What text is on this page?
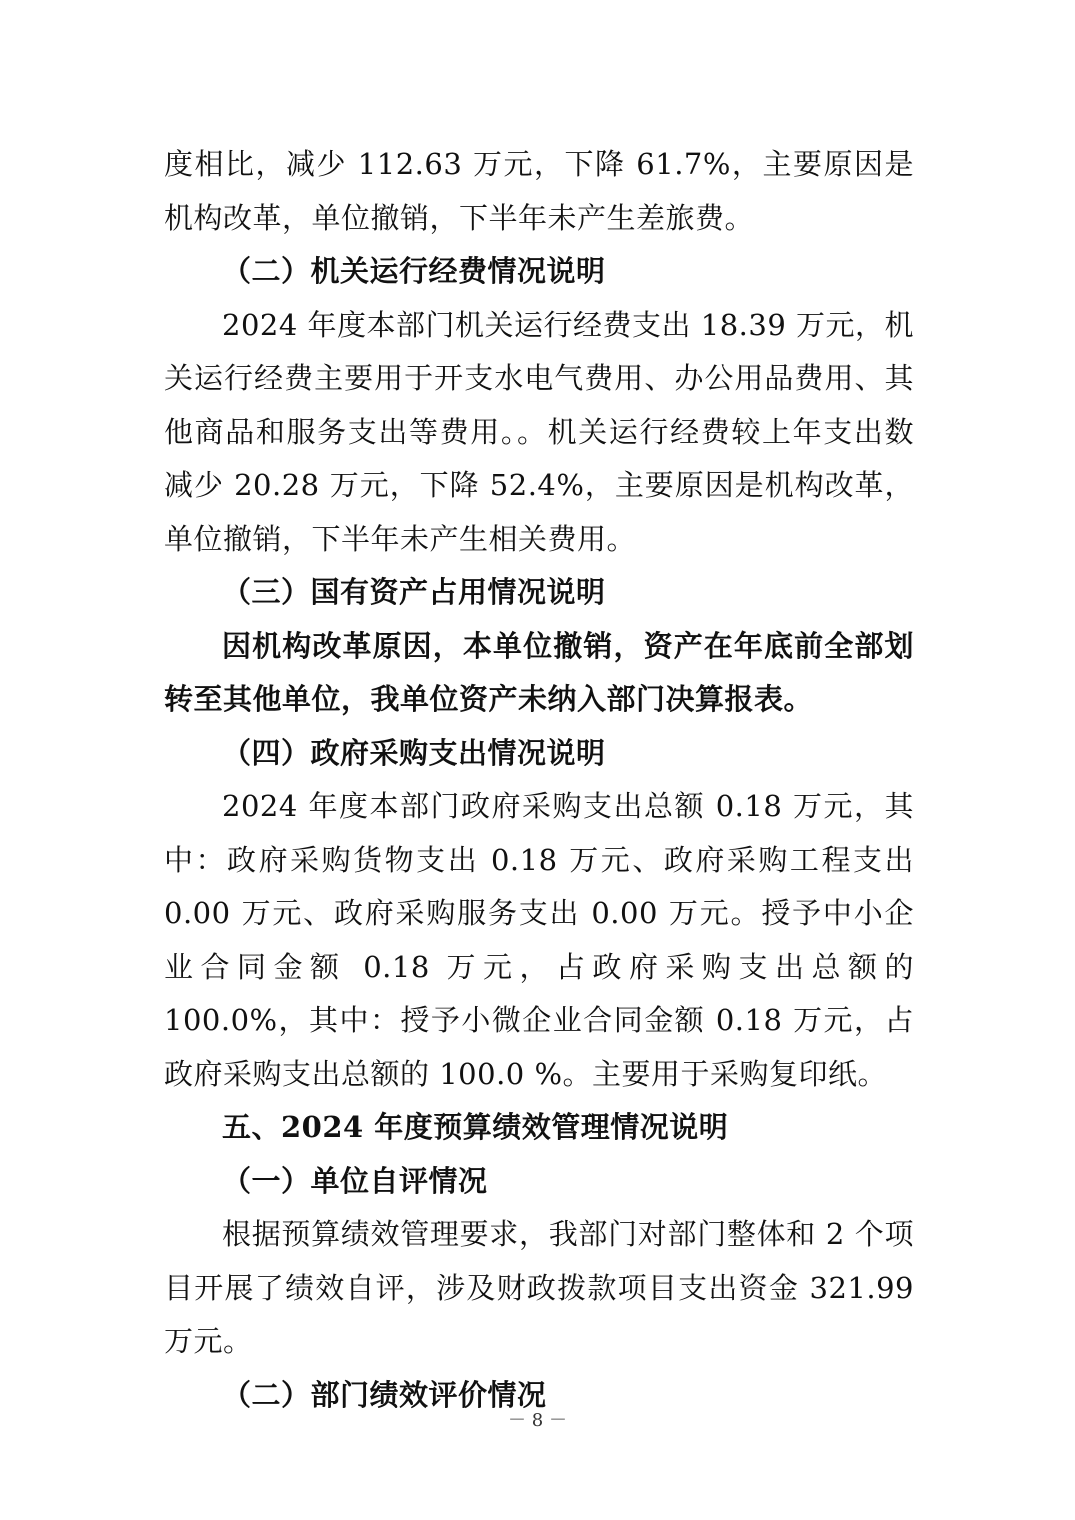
度相比，减少 112.63 万元，下降 61.7%，主要原因是机构改革，单位撤销，下半年未产生差旅费。

（二）机关运行经费情况说明

2024 年度本部门机关运行经费支出 18.39 万元，机关运行经费主要用于开支水电气费用、办公用品费用、其他商品和服务支出等费用。。机关运行经费较上年支出数减少 20.28 万元，下降 52.4%，主要原因是机构改革，单位撤销，下半年未产生相关费用。

（三）国有资产占用情况说明

因机构改革原因，本单位撤销，资产在年底前全部划转至其他单位，我单位资产未纳入部门决算报表。

（四）政府采购支出情况说明

2024 年度本部门政府采购支出总额 0.18 万元，其中：政府采购货物支出 0.18 万元、政府采购工程支出 0.00 万元、政府采购服务支出 0.00 万元。授予中小企业合同金额 0.18 万元，占政府采购支出总额的 100.0%，其中：授予小微企业合同金额 0.18 万元，占政府采购支出总额的 100.0 %。主要用于采购复印纸。

五、2024 年度预算绩效管理情况说明

（一）单位自评情况

根据预算绩效管理要求，我部门对部门整体和 2 个项目开展了绩效自评，涉及财政拨款项目支出资金 321.99 万元。

（二）部门绩效评价情况

－ 8 －
